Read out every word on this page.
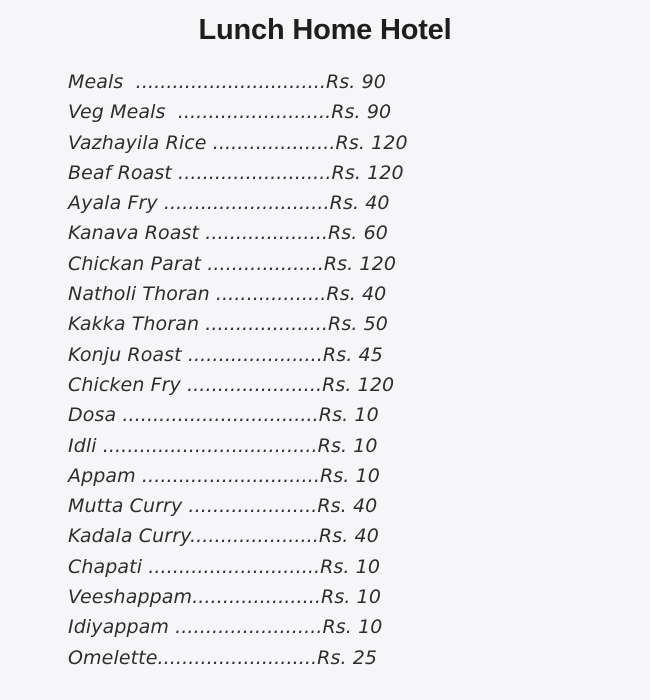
Lunch Home Hotel
Meals  ...............................Rs. 90
Veg Meals  .........................Rs. 90
Vazhayila Rice ....................Rs. 120
Beaf Roast .........................Rs. 120
Ayala Fry ...........................Rs. 40
Kanava Roast ....................Rs. 60
Chickan Parat ...................Rs. 120
Natholi Thoran ..................Rs. 40
Kakka Thoran ....................Rs. 50
Konju Roast ......................Rs. 45
Chicken Fry ......................Rs. 120
Dosa ................................Rs. 10
Idli ...................................Rs. 10
Appam .............................Rs. 10
Mutta Curry .....................Rs. 40
Kadala Curry.....................Rs. 40
Chapati ............................Rs. 10
Veeshappam.....................Rs. 10
Idiyappam ........................Rs. 10
Omelette..........................Rs. 25
